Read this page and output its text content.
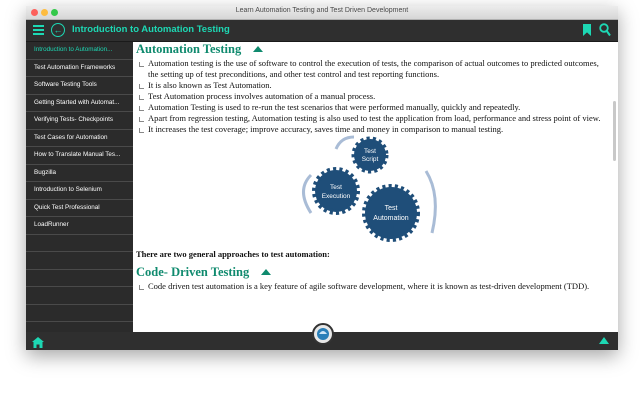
Learn Automation Testing and Test Driven Development
← Introduction to Automation Testing
Introduction to Automation...
Test Automation Frameworks
Software Testing Tools
Getting Started with Automat...
Verifying Tests- Checkpoints
Test Cases for Automation
How to Translate Manual Tes...
Bugzilla
Introduction to Selenium
Quick Test Professional
LoadRunner
Automation Testing
Automation testing is the use of software to control the execution of tests, the comparison of actual outcomes to predicted outcomes, the setting up of test preconditions, and other test control and test reporting functions.
It is also known as Test Automation.
Test Automation process involves automation of a manual process.
Automation Testing is used to re-run the test scenarios that were performed manually, quickly and repeatedly.
Apart from regression testing, Automation testing is also used to test the application from load, performance and stress point of view.
It increases the test coverage; improve accuracy, saves time and money in comparison to manual testing.
Test
Script
Test
Execution
Test
Automation
There are two general approaches to test automation:
Code- Driven Testing
Code driven test automation is a key feature of agile software development, where it is known as test-driven development (TDD).
